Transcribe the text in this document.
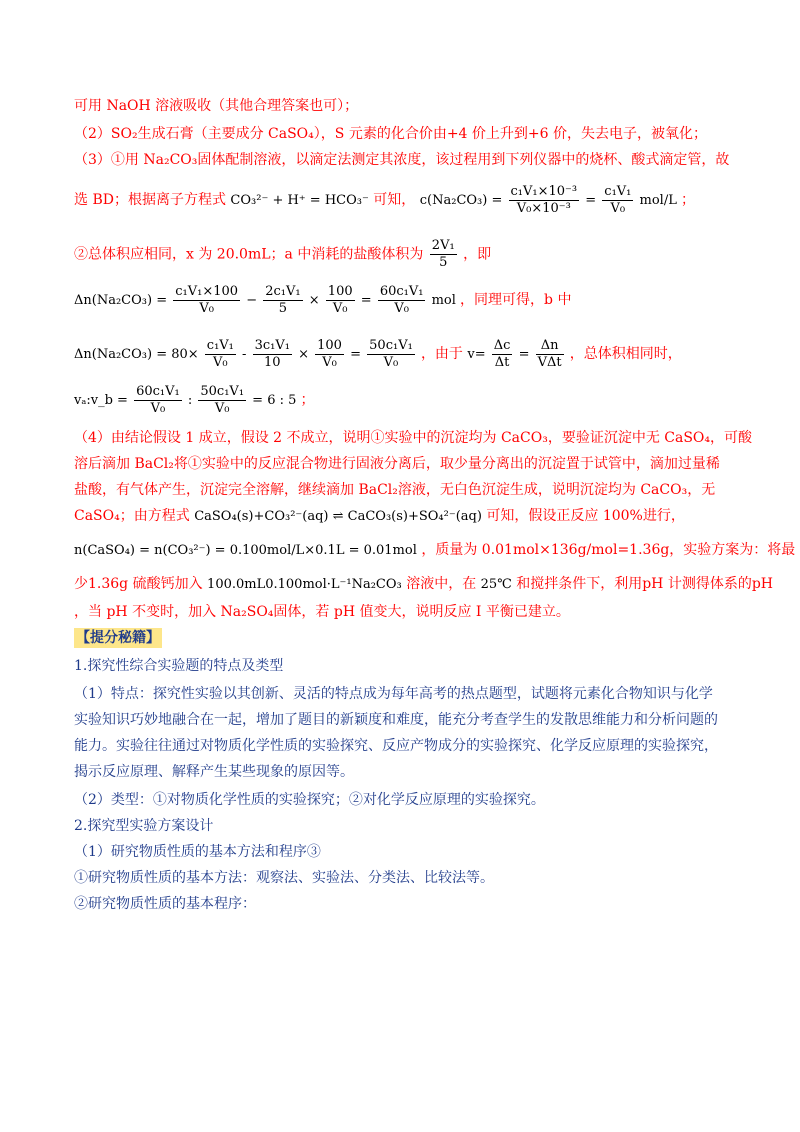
可用 NaOH 溶液吸收（其他合理答案也可）；
（2）SO₂生成石膏（主要成分 CaSO₄），S 元素的化合价由+4 价上升到+6 价，失去电子，被氧化；
（3）①用 Na₂CO₃固体配制溶液，以滴定法测定其浓度，该过程用到下列仪器中的烧杯、酸式滴定管，故
选 BD；根据离子方程式 CO₃²⁻ + H⁺ = HCO₃⁻ 可知， $c(Na_2CO_3) = \frac{\text{c₁V₁×10⁻³}}{\text{V₀×10⁻³}} = \frac{\text{c₁V₁}}{\text{V₀}} mol/L$ ；
②总体积应相同，x 为 20.0mL；a 中消耗的盐酸体积为 $\frac{\text{2V₁}}{5}$ ，即
$\Delta n(Na_2CO_3) = \frac{\text{c₁V₁×100}}{\text{V₀}} - \frac{\text{2c₁V₁}}{5} \times \frac{100}{\text{V₀}} = \frac{\text{60c₁V₁}}{\text{V₀}}$ mol ，同理可得，b 中
$\Delta n(Na_2CO_3) = 80\times \frac{\text{c₁V₁}}{\text{V₀}} - \frac{\text{3c₁V₁}}{10} \times \frac{100}{\text{V₀}} = \frac{\text{50c₁V₁}}{\text{V₀}}$ ，由于 $v= \frac{\Delta c}{\Delta t} = \frac{\Delta n}{\text{VΔt}}$ ，总体积相同时，
vₐ:v_b = $\frac{\text{60c₁V₁}}{\text{V₀}}$ : $\frac{\text{50c₁V₁}}{\text{V₀}} = 6$ : 5 ；
（4）由结论假设 1 成立，假设 2 不成立，说明①实验中的沉淀均为 CaCO₃，要验证沉淀中无 CaSO₄，可酸
溶后滴加 BaCl₂将①实验中的反应混合物进行固液分离后，取少量分离出的沉淀置于试管中，滴加过量稀
盐酸，有气体产生，沉淀完全溶解，继续滴加 BaCl₂溶液，无白色沉淀生成，说明沉淀均为 CaCO₃，无
CaSO₄；由方程式 CaSO₄(s)+CO₃²⁻(aq) ⇌ CaCO₃(s)+SO₄²⁻(aq) 可知，假设正反应 100%进行，
n(CaSO₄) = n(CO₃²⁻) = 0.100mol/L×0.1L = 0.01mol ，质量为 0.01mol×136g/mol=1.36g，实验方案为：将最
少1.36g 硫酸钙加入 100.0mL0.100mol·L⁻¹Na₂CO₃ 溶液中，在 25℃ 和搅拌条件下，利用pH 计测得体系的pH
，当 pH 不变时，加入 Na₂SO₄固体，若 pH 值变大，说明反应 I 平衡已建立。
【提分秘籍】
1.探究性综合实验题的特点及类型
（1）特点：探究性实验以其创新、灵活的特点成为每年高考的热点题型，试题将元素化合物知识与化学
实验知识巧妙地融合在一起，增加了题目的新颖度和难度，能充分考查学生的发散思维能力和分析问题的
能力。实验往往通过对物质化学性质的实验探究、反应产物成分的实验探究、化学反应原理的实验探究，
揭示反应原理、解释产生某些现象的原因等。
（2）类型：①对物质化学性质的实验探究；②对化学反应原理的实验探究。
2.探究型实验方案设计
（1）研究物质性质的基本方法和程序③
①研究物质性质的基本方法：观察法、实验法、分类法、比较法等。
②研究物质性质的基本程序：
